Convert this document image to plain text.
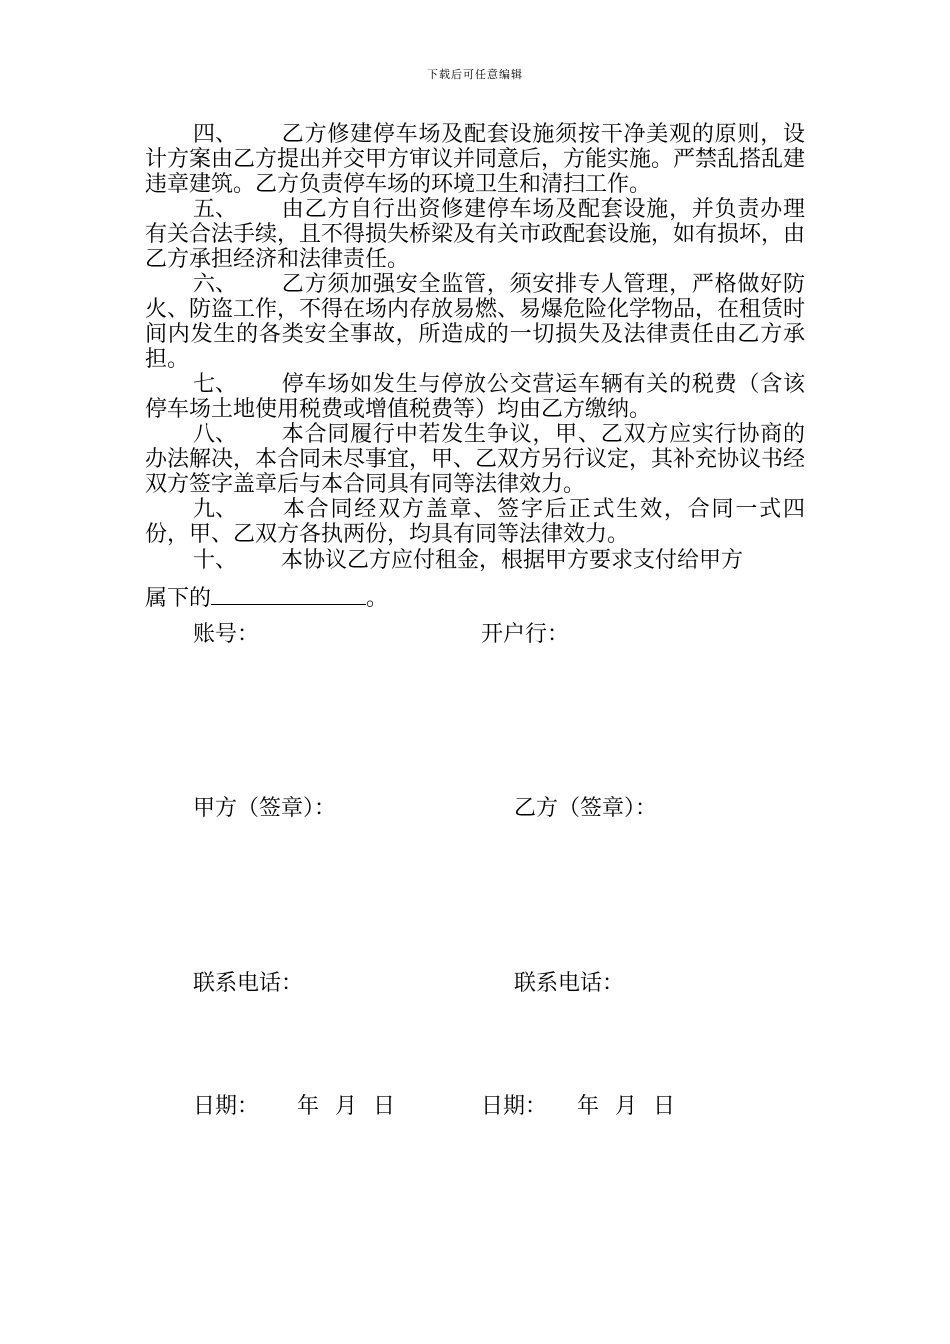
下载后可任意编辑

四、 乙方修建停车场及配套设施须按干净美观的原则，设计方案由乙方提出并交甲方审议并同意后，方能实施。严禁乱搭乱建违章建筑。乙方负责停车场的环境卫生和清扫工作。

五、 由乙方自行出资修建停车场及配套设施，并负责办理有关合法手续，且不得损失桥梁及有关市政配套设施，如有损坏，由乙方承担经济和法律责任。

六、 乙方须加强安全监管，须安排专人管理，严格做好防火、防盗工作，不得在场内存放易燃、易爆危险化学物品，在租赁时间内发生的各类安全事故，所造成的一切损失及法律责任由乙方承担。

七、 停车场如发生与停放公交营运车辆有关的税费（含该停车场土地使用税费或增值税费等）均由乙方缴纳。

八、 本合同履行中若发生争议，甲、乙双方应实行协商的办法解决，本合同未尽事宜，甲、乙双方另行议定，其补充协议书经双方签字盖章后与本合同具有同等法律效力。

九、 本合同经双方盖章、签字后正式生效，合同一式四份，甲、乙双方各执两份，均具有同等法律效力。

十、 本协议乙方应付租金，根据甲方要求支付给甲方
属下的	。
账号：	开户行：
甲方（签章）：	乙方（签章）：
联系电话：	联系电话：
日期： 年 月 日	日期： 年 月 日
